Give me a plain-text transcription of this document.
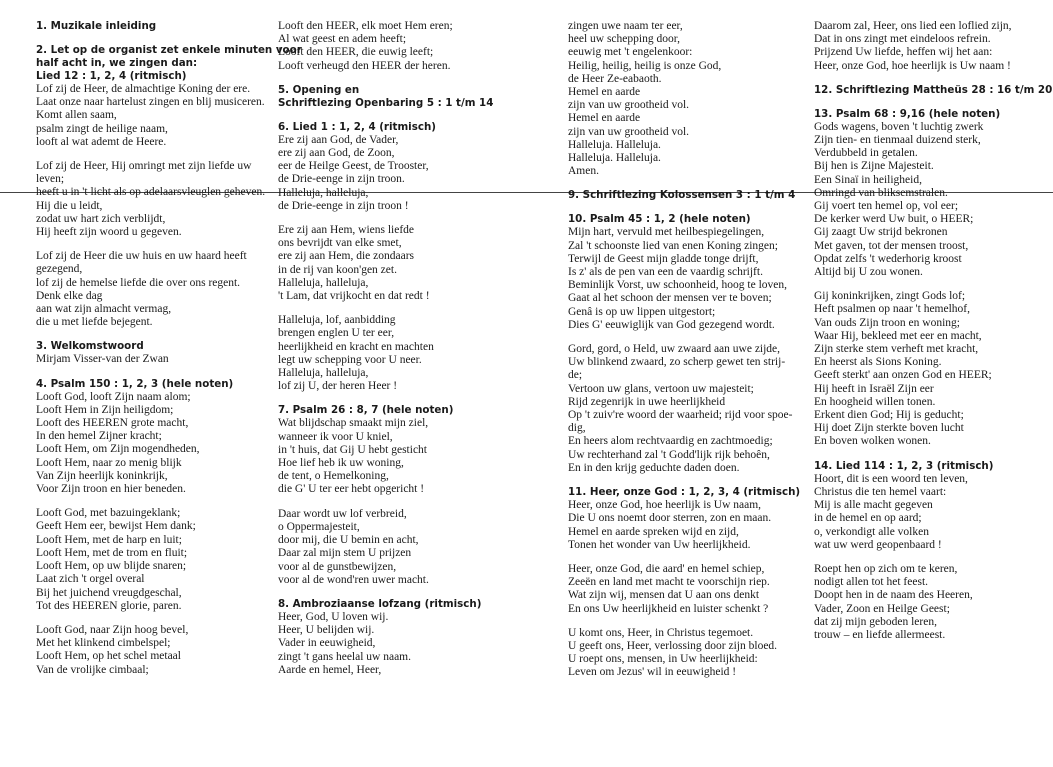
1. Muzikale inleiding
2. Let op de organist zet enkele minuten voor
half acht in, we zingen dan:
Lied 12 : 1, 2, 4 (ritmisch)
Lof zij de Heer, de almachtige Koning der ere.
Laat onze naar hartelust zingen en blij musiceren.
Komt allen saam,
psalm zingt de heilige naam,
looft al wat ademt de Heere.
Lof zij de Heer, Hij omringt met zijn liefde uw
leven;
heeft u in 't licht als op adelaarsvleuglen geheven.
Hij die u leidt,
zodat uw hart zich verblijdt,
Hij heeft zijn woord u gegeven.
Lof zij de Heer die uw huis en uw haard heeft
gezegend,
lof zij de hemelse liefde die over ons regent.
Denk elke dag
aan wat zijn almacht vermag,
die u met liefde bejegent.
3. Welkomstwoord
Mirjam Visser-van der Zwan
4. Psalm 150 : 1, 2, 3 (hele noten)
Looft God, looft Zijn naam alom;
Looft Hem in Zijn heiligdom;
Looft des HEEREN grote macht,
In den hemel Zijner kracht;
Looft Hem, om Zijn mogendheden,
Looft Hem, naar zo menig blijk
Van Zijn heerlijk koninkrijk,
Voor Zijn troon en hier beneden.
Looft God, met bazuingeklank;
Geeft Hem eer, bewijst Hem dank;
Looft Hem, met de harp en luit;
Looft Hem, met de trom en fluit;
Looft Hem, op uw blijde snaren;
Laat zich 't orgel overal
Bij het juichend vreugdgeschal,
Tot des HEEREN glorie, paren.
Looft God, naar Zijn hoog bevel,
Met het klinkend cimbelspel;
Looft Hem, op het schel metaal
Van de vrolijke cimbaal;
Looft den HEER, elk moet Hem eren;
Al wat geest en adem heeft;
Looft den HEER, die euwig leeft;
Looft verheugd den HEER der heren.
5. Opening en
Schriftlezing Openbaring 5 : 1 t/m 14
6. Lied 1 : 1, 2, 4 (ritmisch)
Ere zij aan God, de Vader,
ere zij aan God, de Zoon,
eer de Heilge Geest, de Trooster,
de Drie-eenge in zijn troon.
Halleluja, halleluja,
de Drie-eenge in zijn troon !
Ere zij aan Hem, wiens liefde
ons bevrijdt van elke smet,
ere zij aan Hem, die zondaars
in de rij van koon'gen zet.
Halleluja, halleluja,
't Lam, dat vrijkocht en dat redt !
Halleluja, lof, aanbidding
brengen englen U ter eer,
heerlijkheid en kracht en machten
legt uw schepping voor U neer.
Halleluja, halleluja,
lof zij U, der heren Heer !
7. Psalm 26 : 8, 7 (hele noten)
Wat blijdschap smaakt mijn ziel,
wanneer ik voor U kniel,
in 't huis, dat Gij U hebt gesticht
Hoe lief heb ik uw woning,
de tent, o Hemelkoning,
die G' U ter eer hebt opgericht !
Daar wordt uw lof verbreid,
o Oppermajesteit,
door mij, die U bemin en acht,
Daar zal mijn stem U prijzen
voor al de gunstbewijzen,
voor al de wond'ren uwer macht.
8. Ambroziaanse lofzang (ritmisch)
Heer, God, U loven wij.
Heer, U belijden wij.
Vader in eeuwigheid,
zingt 't gans heelal uw naam.
Aarde en hemel, Heer,
zingen uwe naam ter eer,
heel uw schepping door,
eeuwig met 't engelenkoor:
Heilig, heilig, heilig is onze God,
de Heer Ze-eabaoth.
Hemel en aarde
zijn van uw grootheid vol.
Hemel en aarde
zijn van uw grootheid vol.
Halleluja. Halleluja.
Halleluja. Halleluja.
Amen.
9. Schriftlezing Kolossensen 3 : 1 t/m 4
10. Psalm 45 : 1, 2 (hele noten)
Mijn hart, vervuld met heilbespiegelingen,
Zal 't schoonste lied van enen Koning zingen;
Terwijl de Geest mijn gladde tonge drijft,
Is z' als de pen van een de vaardig schrijft.
Beminlijk Vorst, uw schoonheid, hoog te loven,
Gaat al het schoon der mensen ver te boven;
Genâ is op uw lippen uitgestort;
Dies G' eeuwiglijk van God gezegend wordt.
Gord, gord, o Held, uw zwaard aan uwe zijde,
Uw blinkend zwaard, zo scherp gewet ten strij-
de;
Vertoon uw glans, vertoon uw majesteit;
Rijd zegenrijk in uwe heerlijkheid
Op 't zuiv're woord der waarheid; rijd voor spoe-
dig,
En heers alom rechtvaardig en zachtmoedig;
Uw rechterhand zal 't Godd'lijk rijk behoên,
En in den krijg geduchte daden doen.
11. Heer, onze God : 1, 2, 3, 4 (ritmisch)
Heer, onze God, hoe heerlijk is Uw naam,
Die U ons noemt door sterren, zon en maan.
Hemel en aarde spreken wijd en zijd,
Tonen het wonder van Uw heerlijkheid.
Heer, onze God, die aard' en hemel schiep,
Zeeën en land met macht te voorschijn riep.
Wat zijn wij, mensen dat U aan ons denkt
En ons Uw heerlijkheid en luister schenkt ?
U komt ons, Heer, in Christus tegemoet.
U geeft ons, Heer, verlossing door zijn bloed.
U roept ons, mensen, in Uw heerlijkheid:
Leven om Jezus' wil in eeuwigheid !
Daarom zal, Heer, ons lied een loflied zijn,
Dat in ons zingt met eindeloos refrein.
Prijzend Uw liefde, heffen wij het aan:
Heer, onze God, hoe heerlijk is Uw naam !
12. Schriftlezing Mattheüs 28 : 16 t/m 20
13. Psalm 68 : 9,16 (hele noten)
Gods wagens, boven 't luchtig zwerk
Zijn tien- en tienmaal duizend sterk,
Verdubbeld in getalen.
Bij hen is Zijne Majesteit.
Een Sinaï in heiligheid,
Omringd van bliksemstralen.
Gij voert ten hemel op, vol eer;
De kerker werd Uw buit, o HEER;
Gij zaagt Uw strijd bekronen
Met gaven, tot der mensen troost,
Opdat zelfs 't wederhorig kroost
Altijd bij U zou wonen.
Gij koninkrijken, zingt Gods lof;
Heft psalmen op naar 't hemelhof,
Van ouds Zijn troon en woning;
Waar Hij, bekleed met eer en macht,
Zijn sterke stem verheft met kracht,
En heerst als Sions Koning.
Geeft sterkt' aan onzen God en HEER;
Hij heeft in Israël Zijn eer
En hoogheid willen tonen.
Erkent dien God; Hij is geducht;
Hij doet Zijn sterkte boven lucht
En boven wolken wonen.
14. Lied 114 : 1, 2, 3 (ritmisch)
Hoort, dit is een woord ten leven,
Christus die ten hemel vaart:
Mij is alle macht gegeven
in de hemel en op aard;
o, verkondigt alle volken
wat uw werd geopenbaard !
Roept hen op zich om te keren,
nodigt allen tot het feest.
Doopt hen in de naam des Heeren,
Vader, Zoon en Heilge Geest;
dat zij mijn geboden leren,
trouw – en liefde allermeest.
